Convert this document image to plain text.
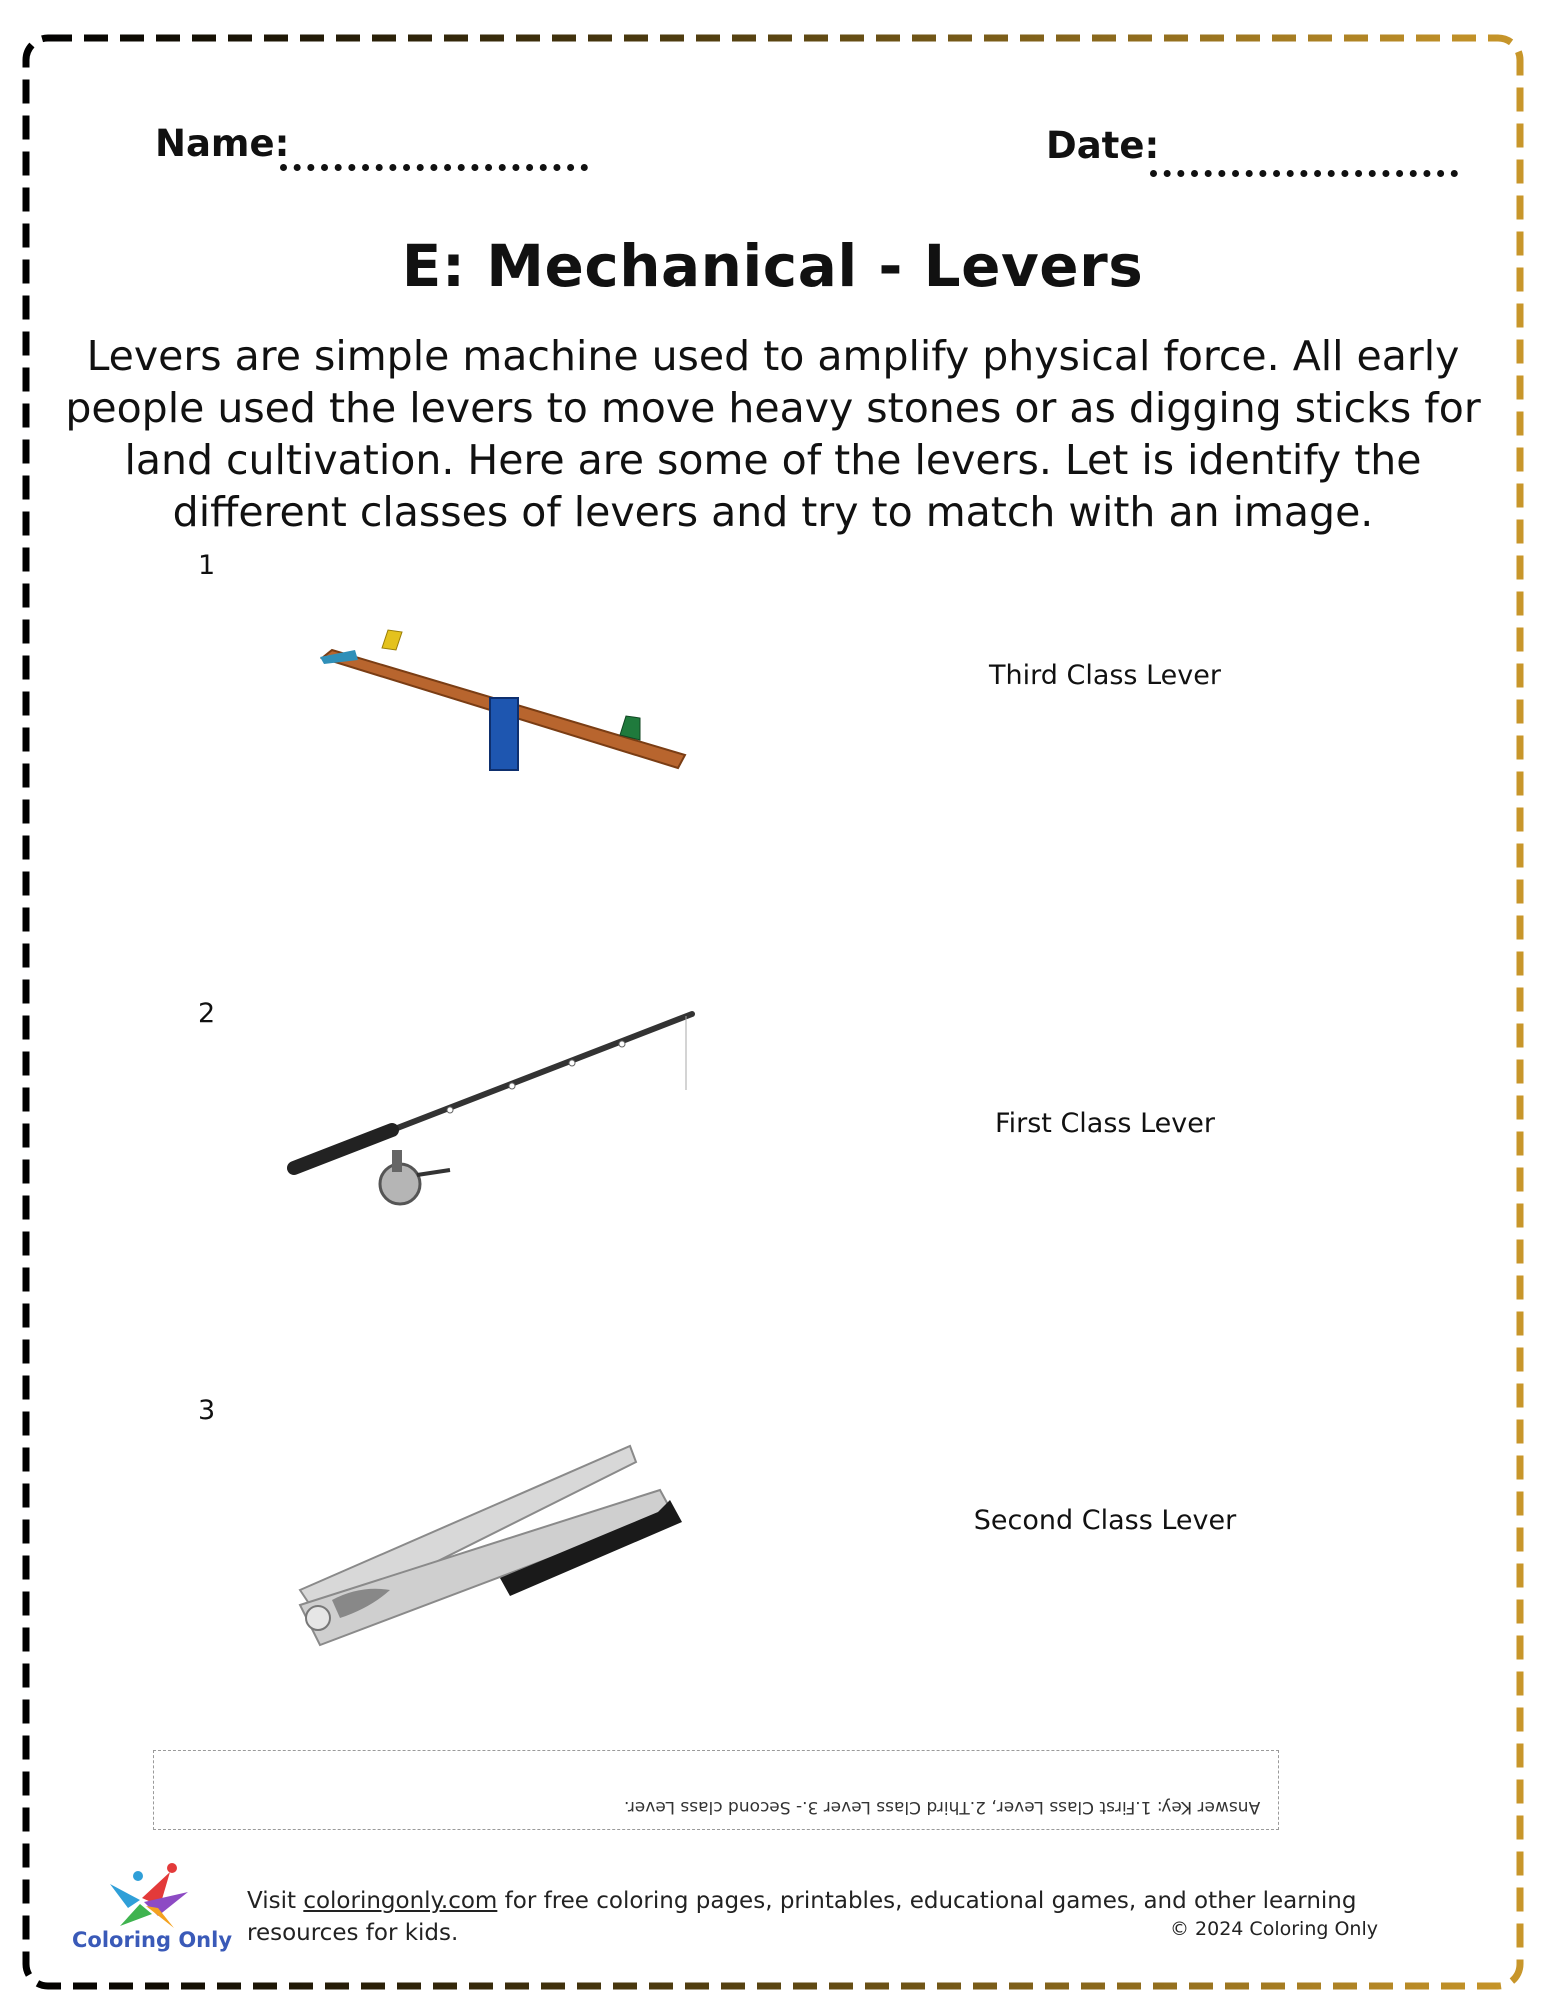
Name:	Date:
E: Mechanical - Levers
Levers are simple machine used to amplify physical force. All early people used the levers to move heavy stones or as digging sticks for land cultivation. Here are some of the levers. Let is identify the different classes of levers and try to match with an image.
1
Third Class Lever
2
First Class Lever
3
Second Class Lever
Answer Key: 1.First Class Lever, 2.Third Class Lever 3.- Second class Lever.
Coloring Only
Visit coloringonly.com for free coloring pages, printables, educational games, and other learning resources for kids.	© 2024 Coloring Only
